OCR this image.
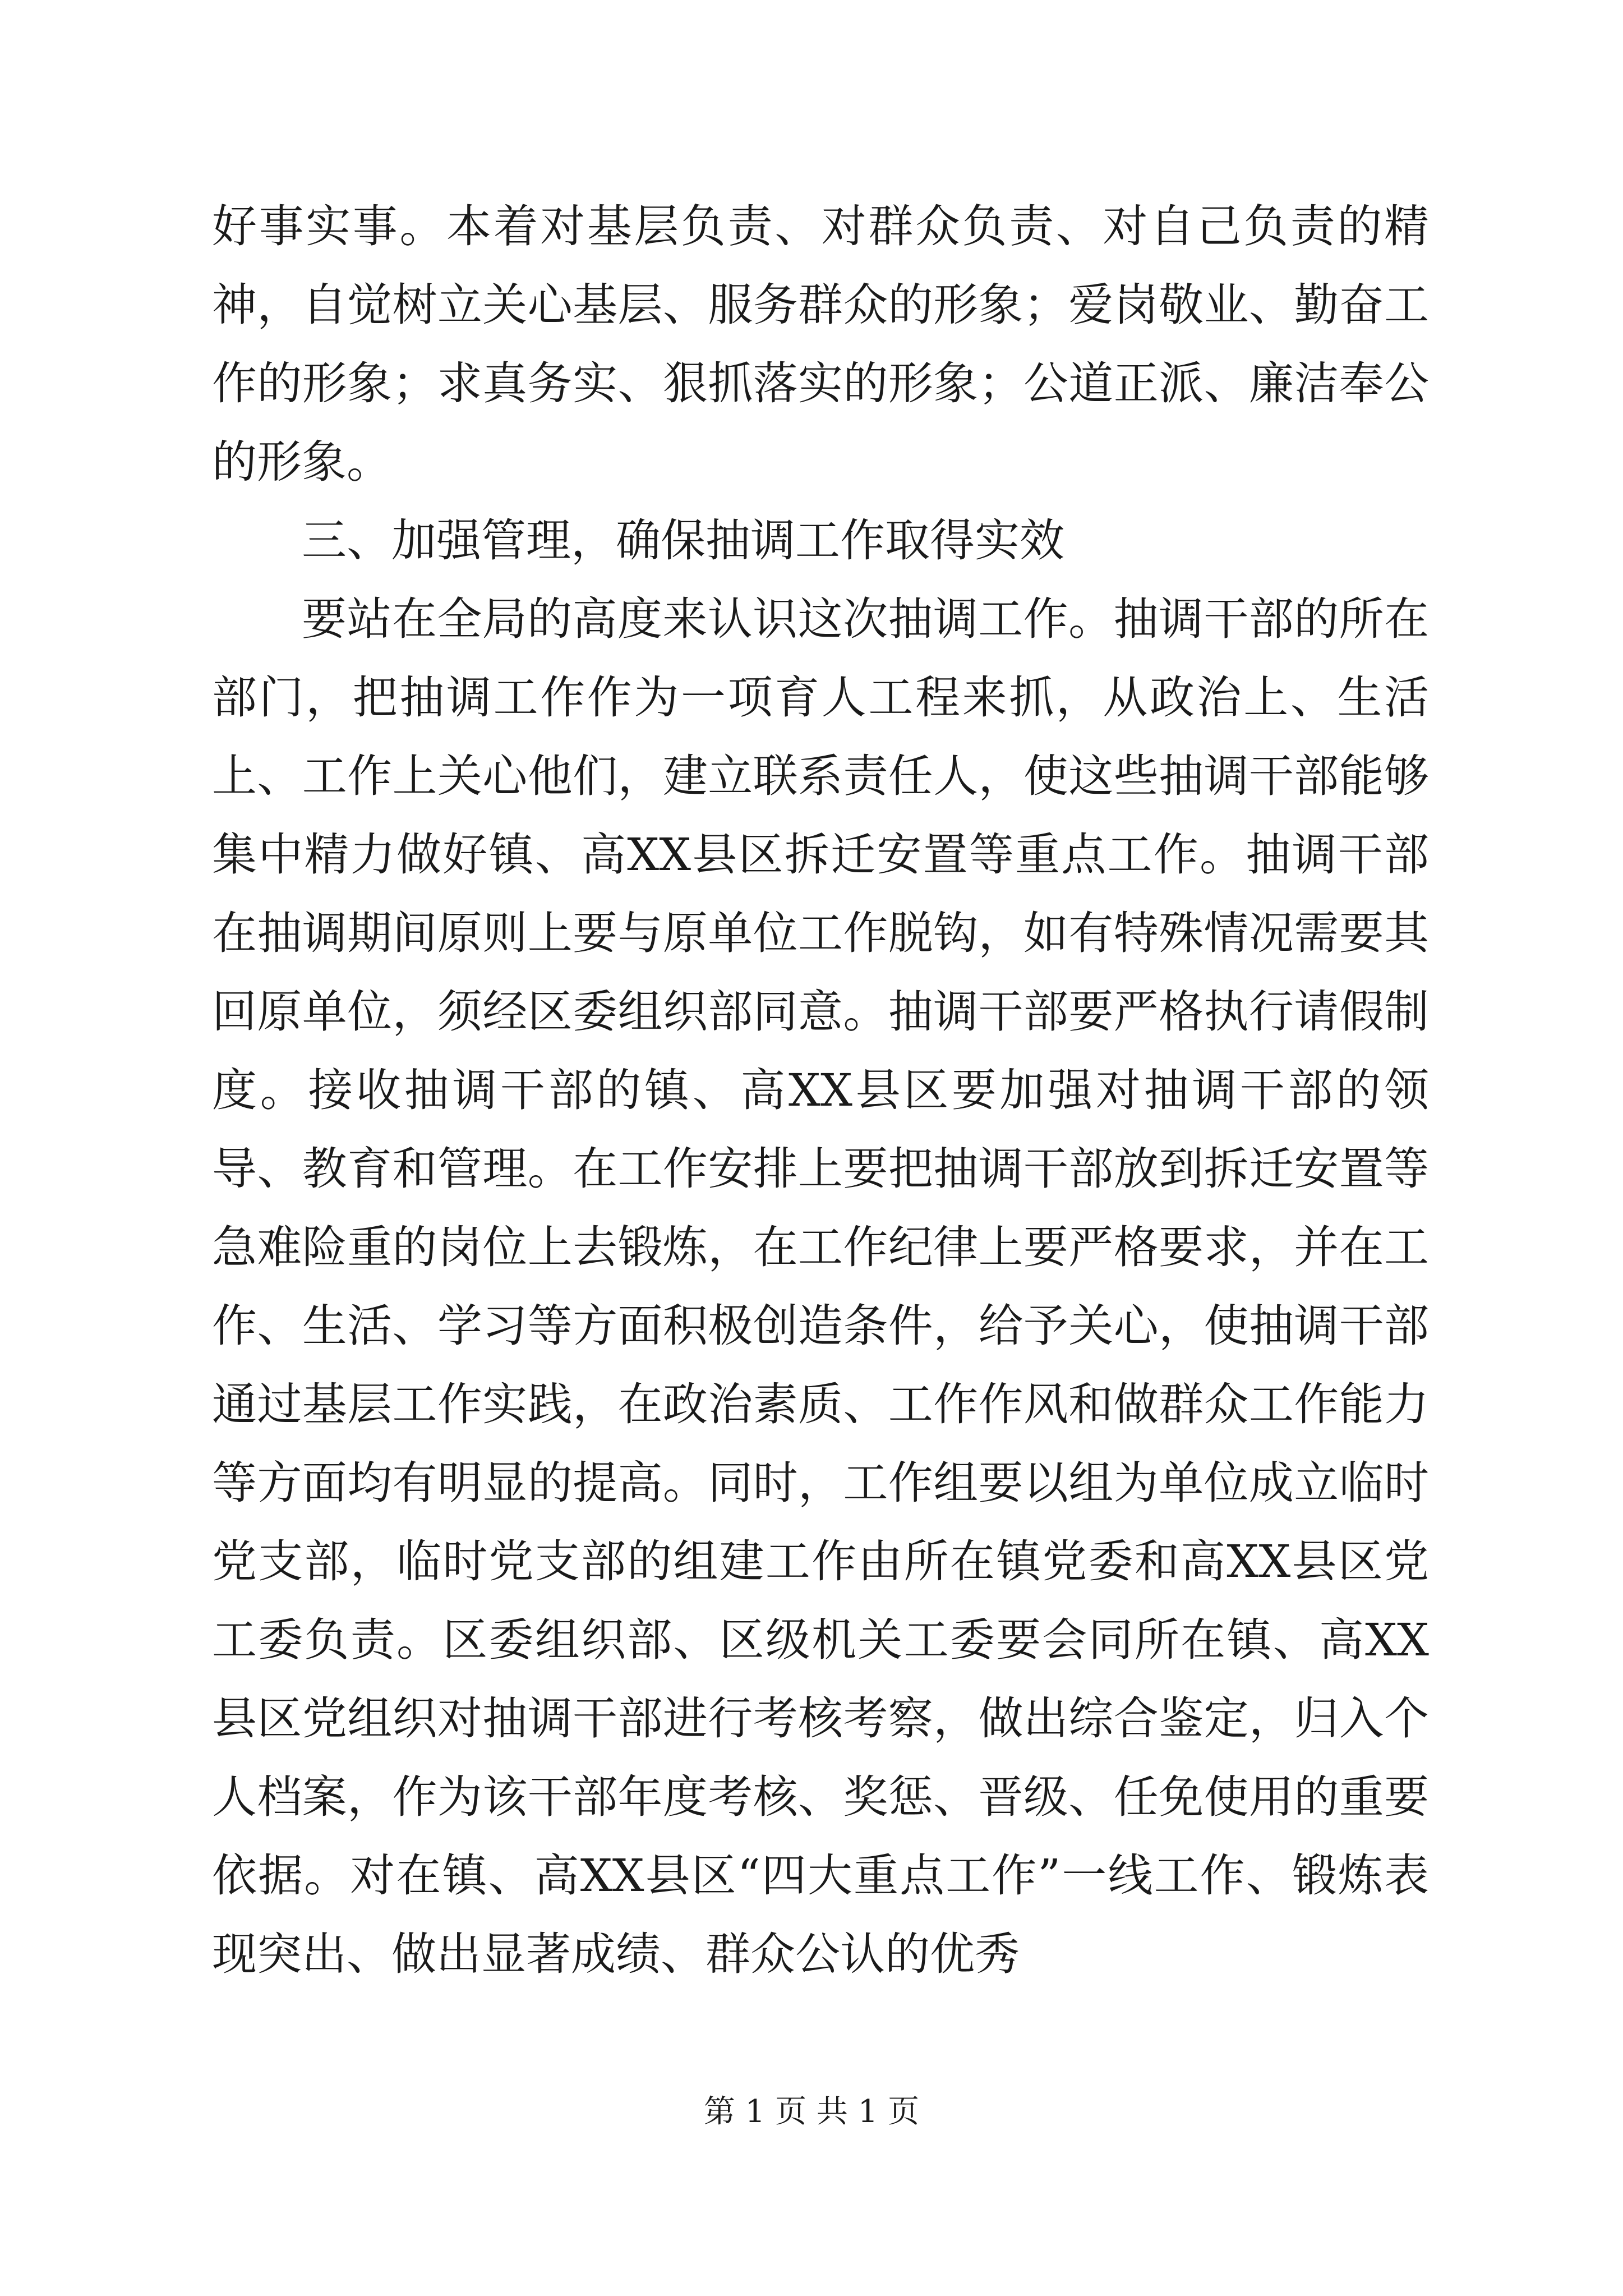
好事实事。本着对基层负责、对群众负责、对自己负责的精神，自觉树立关心基层、服务群众的形象；爱岗敬业、勤奋工作的形象；求真务实、狠抓落实的形象；公道正派、廉洁奉公的形象。

三、加强管理，确保抽调工作取得实效

要站在全局的高度来认识这次抽调工作。抽调干部的所在部门，把抽调工作作为一项育人工程来抓，从政治上、生活上、工作上关心他们，建立联系责任人，使这些抽调干部能够集中精力做好镇、高XX县区拆迁安置等重点工作。抽调干部在抽调期间原则上要与原单位工作脱钩，如有特殊情况需要其回原单位，须经区委组织部同意。抽调干部要严格执行请假制度。接收抽调干部的镇、高XX县区要加强对抽调干部的领导、教育和管理。在工作安排上要把抽调干部放到拆迁安置等急难险重的岗位上去锻炼，在工作纪律上要严格要求，并在工作、生活、学习等方面积极创造条件，给予关心，使抽调干部通过基层工作实践，在政治素质、工作作风和做群众工作能力等方面均有明显的提高。同时，工作组要以组为单位成立临时党支部，临时党支部的组建工作由所在镇党委和高XX县区党工委负责。区委组织部、区级机关工委要会同所在镇、高XX县区党组织对抽调干部进行考核考察，做出综合鉴定，归入个人档案，作为该干部年度考核、奖惩、晋级、任免使用的重要依据。对在镇、高XX县区“四大重点工作”一线工作、锻炼表现突出、做出显著成绩、群众公认的优秀

第 1 页 共 1 页
